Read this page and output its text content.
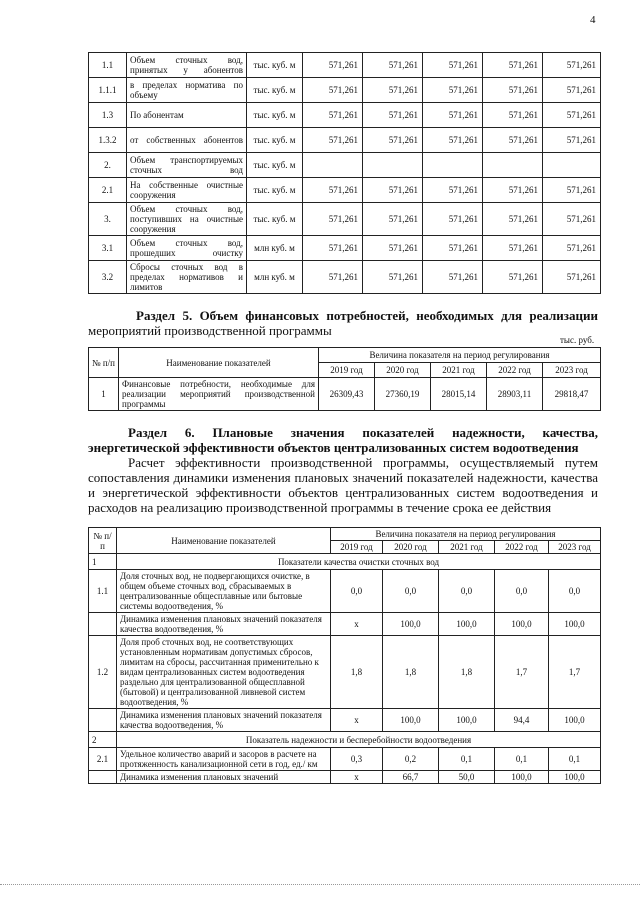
4
1.1	Объем сточных вод, принятых у абонентов	тыс. куб. м	571,261	571,261	571,261	571,261	571,261
1.1.1	в пределах норматива по объему	тыс. куб. м	571,261	571,261	571,261	571,261	571,261
1.3	По абонентам	тыс. куб. м	571,261	571,261	571,261	571,261	571,261
1.3.2	от собственных абонентов	тыс. куб. м	571,261	571,261	571,261	571,261	571,261
2.	Объем транспортируемых сточных вод	тыс. куб. м					
2.1	На собственные очистные сооружения	тыс. куб. м	571,261	571,261	571,261	571,261	571,261
3.	Объем сточных вод, поступивших на очистные сооружения	тыс. куб. м	571,261	571,261	571,261	571,261	571,261
3.1	Объем сточных вод, прошедших очистку	млн куб. м	571,261	571,261	571,261	571,261	571,261
3.2	Сбросы сточных вод в пределах нормативов и лимитов	млн куб. м	571,261	571,261	571,261	571,261	571,261
Раздел 5. Объем финансовых потребностей, необходимых для реализации
мероприятий производственной программы
тыс. руб.
№ п/п	Наименование показателей	Величина показателя на период регулирования				
		2019 год	2020 год	2021 год	2022 год	2023 год
1	Финансовые потребности, необходимые для реализации мероприятий производственной программы	26309,43	27360,19	28015,14	28903,11	29818,47

Раздел 6. Плановые значения показателей надежности, качества, энергетической эффективности объектов централизованных систем водоотведения

Расчет эффективности производственной программы, осуществляемый путем сопоставления динамики изменения плановых значений показателей надежности, качества и энергетической эффективности объектов централизованных систем водоотведения и расходов на реализацию производственной программы в течение срока ее действия

№ п/п	Наименование показателей	Величина показателя на период регулирования				
		2019 год	2020 год	2021 год	2022 год	2023 год
1	Показатели качества очистки сточных вод					
1.1	Доля сточных вод, не подвергающихся очистке, в общем объеме сточных вод, сбрасываемых в централизованные общесплавные или бытовые системы водоотведения, %	0,0	0,0	0,0	0,0	0,0
	Динамика изменения плановых значений показателя качества водоотведения, %	х	100,0	100,0	100,0	100,0
1.2	Доля проб сточных вод, не соответствующих установленным нормативам допустимых сбросов, лимитам на сбросы, рассчитанная применительно к видам централизованных систем водоотведения раздельно для централизованной общесплавной (бытовой) и централизованной ливневой систем водоотведения, %	1,8	1,8	1,8	1,7	1,7
	Динамика изменения плановых значений показателя качества водоотведения, %	х	100,0	100,0	94,4	100,0
2	Показатель надежности и бесперебойности водоотведения					
2.1	Удельное количество аварий и засоров в расчете на протяженность канализационной сети в год, ед./ км	0,3	0,2	0,1	0,1	0,1
	Динамика изменения плановых значений	х	66,7	50,0	100,0	100,0
